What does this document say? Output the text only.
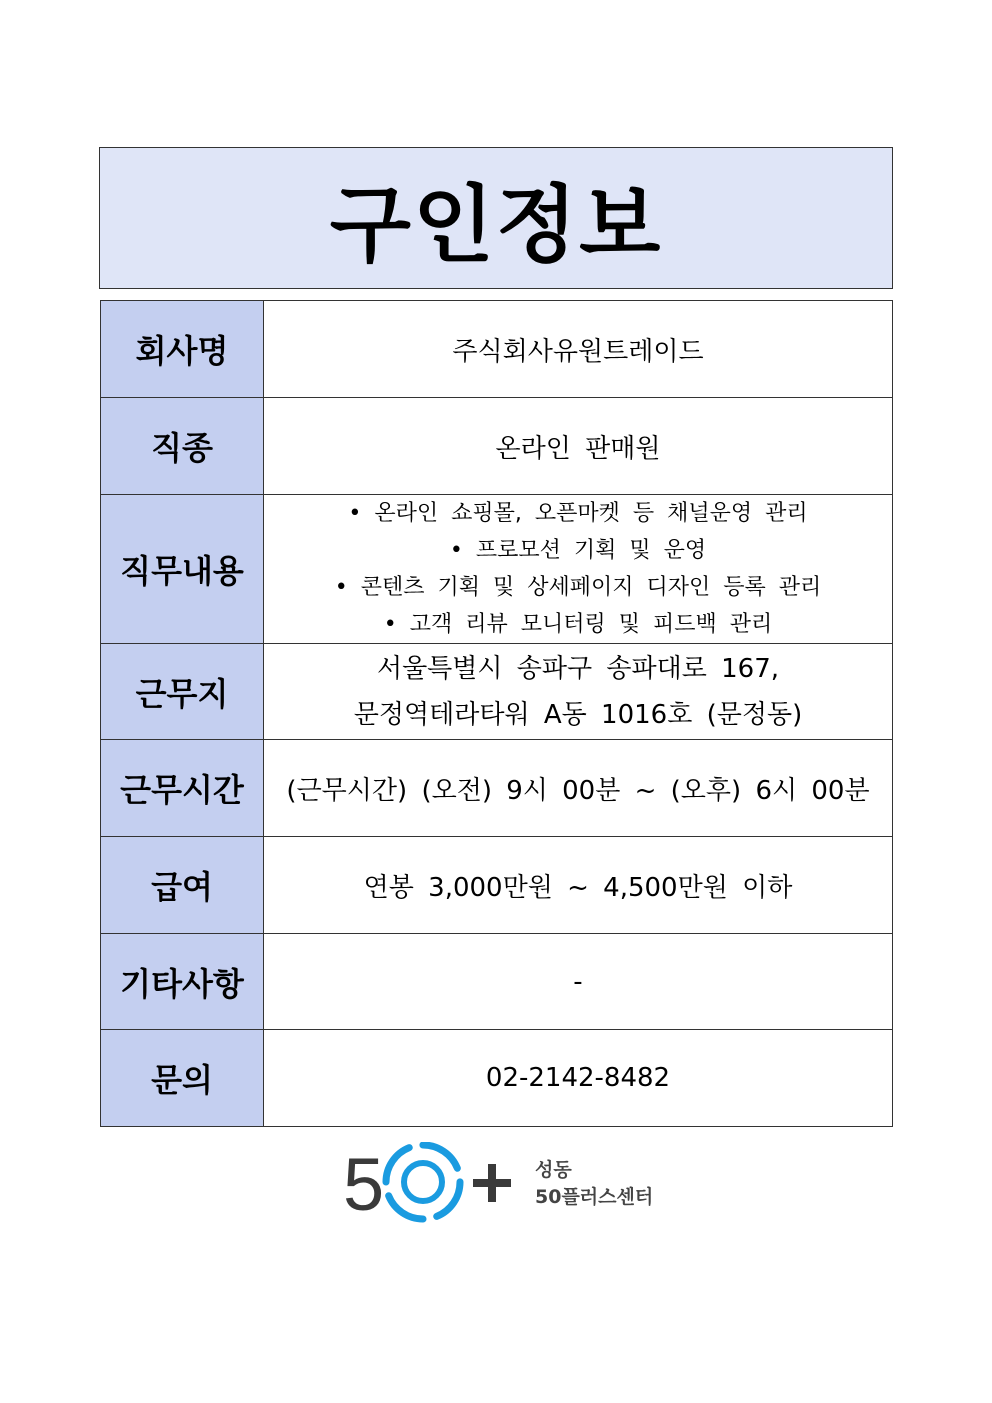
구인정보
회사명	주식회사유원트레이드
직종	온라인 판매원
직무내용	• 온라인 쇼핑몰, 오픈마켓 등 채널운영 관리
• 프로모션 기획 및 운영
• 콘텐츠 기획 및 상세페이지 디자인 등록 관리
• 고객 리뷰 모니터링 및 피드백 관리

근무지	서울특별시 송파구 송파대로 167,
문정역테라타워 A동 1016호 (문정동)

근무시간	(근무시간) (오전) 9시 00분 ~ (오후) 6시 00분
급여	연봉 3,000만원 ~ 4,500만원 이하
기타사항	-
문의	02-2142-8482
5	성동
50플러스센터
